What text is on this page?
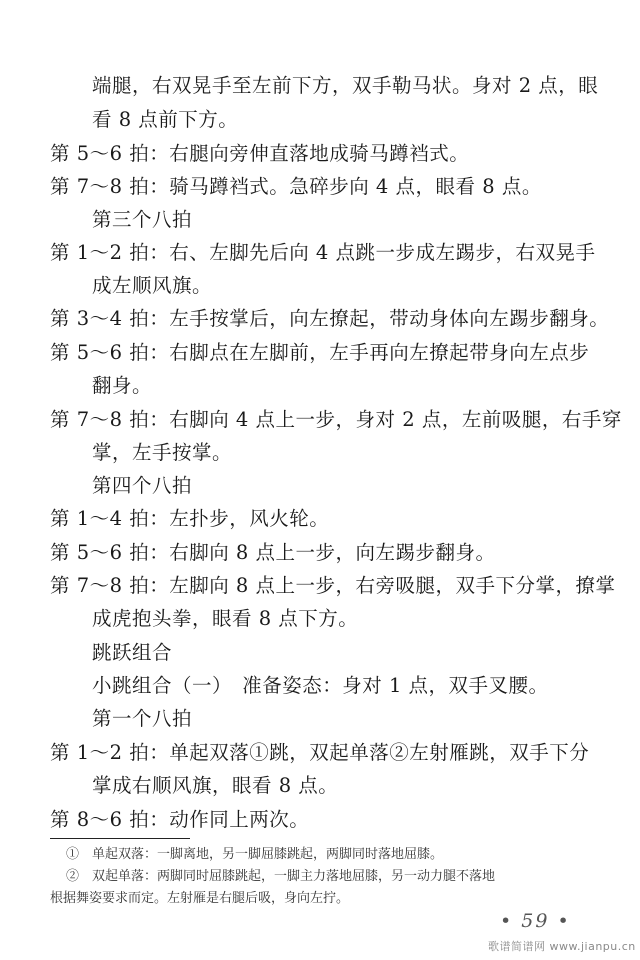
端腿，右双晃手至左前下方，双手勒马状。身对 2 点，眼
看 8 点前下方。
第 5～6 拍：右腿向旁伸直落地成骑马蹲裆式。
第 7～8 拍：骑马蹲裆式。急碎步向 4 点，眼看 8 点。
第三个八拍
第 1～2 拍：右、左脚先后向 4 点跳一步成左踢步，右双晃手
成左顺风旗。
第 3～4 拍：左手按掌后，向左撩起，带动身体向左踢步翻身。
第 5～6 拍：右脚点在左脚前，左手再向左撩起带身向左点步
翻身。
第 7～8 拍：右脚向 4 点上一步，身对 2 点，左前吸腿，右手穿
掌，左手按掌。
第四个八拍
第 1～4 拍：左扑步，风火轮。
第 5～6 拍：右脚向 8 点上一步，向左踢步翻身。
第 7～8 拍：左脚向 8 点上一步，右旁吸腿，双手下分掌，撩掌
成虎抱头拳，眼看 8 点下方。
跳跃组合
小跳组合（一）　准备姿态：身对 1 点，双手叉腰。
第一个八拍
第 1～2 拍：单起双落①跳，双起单落②左射雁跳，双手下分
掌成右顺风旗，眼看 8 点。
第 8～6 拍：动作同上两次。
①　单起双落：一脚离地，另一脚屈膝跳起，两脚同时落地屈膝。
②　双起单落：两脚同时屈膝跳起，一脚主力落地屈膝，另一动力腿不落地
根据舞姿要求而定。左射雁是右腿后吸，身向左拧。
• 59 •
歌谱简谱网 www.jianpu.cn
